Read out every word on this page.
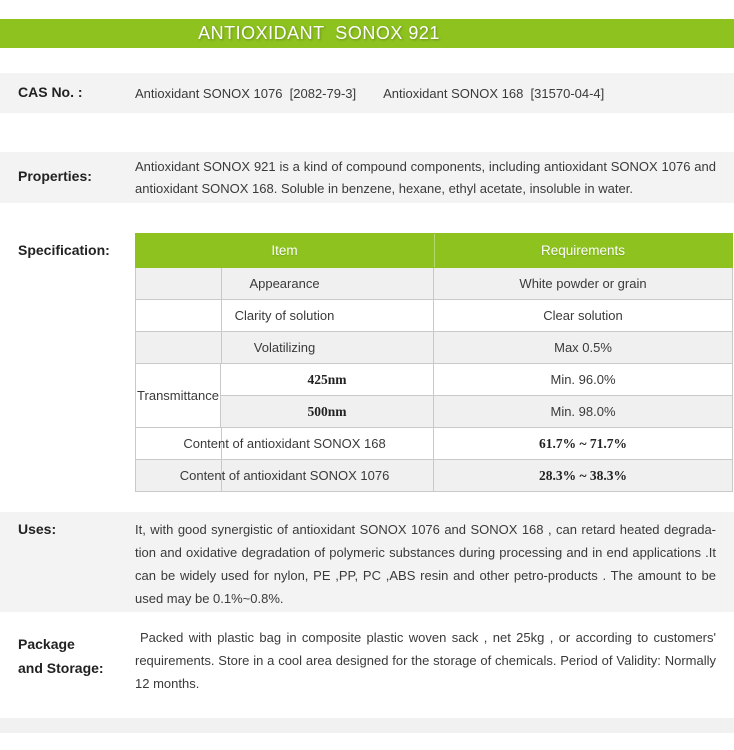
ANTIOXIDANT  SONOX 921
CAS No. :	Antioxidant SONOX 1076  [2082-79-3] Antioxidant SONOX 168  [31570-04-4]
Properties:
Antioxidant SONOX 921 is a kind of compound components, including antioxidant SONOX 1076 and
antioxidant SONOX 168. Soluble in benzene, hexane, ethyl acetate, insoluble in water.
Specification:	Item		Requirements
Appearance		White powder or grain
Clarity of solution		Clear solution
Volatilizing		Max 0.5%
Transmittance	425nm	Min. 96.0%
	500nm	Min. 98.0%
Content of antioxidant SONOX 168		61.7% ~ 71.7%
Content of antioxidant SONOX 1076		28.3% ~ 38.3%
Uses:	It, with good synergistic of antioxidant SONOX 1076 and SONOX 168 , can retard heated degrada-
tion and oxidative degradation of polymeric substances during processing and in end applications .It
can be widely used for nylon, PE ,PP, PC ,ABS resin and other petro-products . The amount to be
used may be 0.1%~0.8%.
Package
and Storage:
Packed with plastic bag in composite plastic woven sack , net 25kg , or according to customers'
requirements. Store in a cool area designed for the storage of chemicals. Period of Validity: Normally
12 months.
